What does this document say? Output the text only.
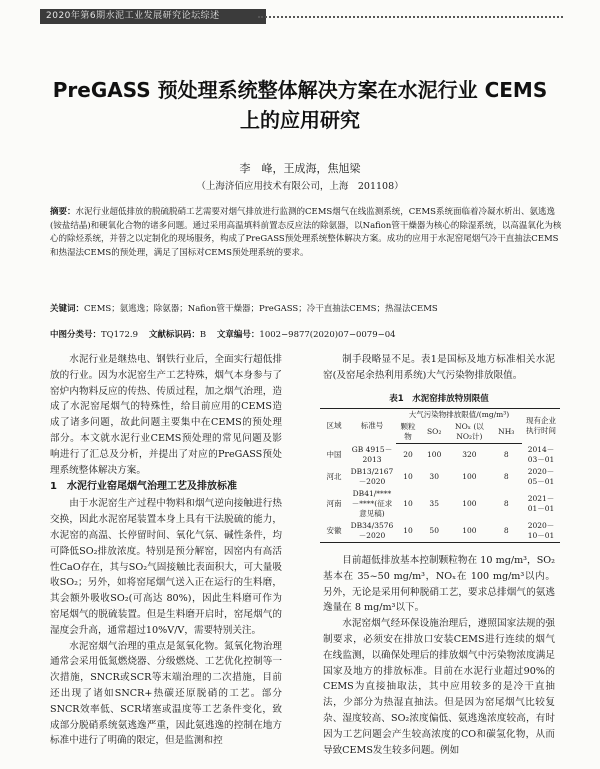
2020年第6期水泥工业发展研究论坛综述
PreGASS 预处理系统整体解决方案在水泥行业 CEMS
上的应用研究
李　峰，王成海，焦旭梁
（上海济佰应用技术有限公司，上海　201108）
摘要：水泥行业超低排放的脱硫脱硝工艺需要对烟气排放进行监测的CEMS烟气在线监测系统，CEMS系统面临着冷凝水析出、氨逃逸(铵盐结晶)和硬氧化合物的诸多问题。通过采用高温填料前置态反应法的除氨器，以Nafion管干燥器为核心的除湿系统，以高温氧化为核心的除烃系统，并替之以定制化的现场服务，构成了PreGASS预处理系统整体解决方案。成功的应用于水泥窑尾烟气冷干直抽法CEMS和热湿法CEMS的预处理，满足了国标对CEMS预处理系统的要求。
关键词：CEMS；氨逃逸；除氨器；Nafion管干燥器；PreGASS；冷干直抽法CEMS；热湿法CEMS
中图分类号：TQ172.9 文献标识码：B 文章编号：1002−9877(2020)07−0079−04

水泥行业是继热电、钢铁行业后，全面实行超低排放的行业。因为水泥窑生产工艺特殊，烟气本身参与了窑炉内物料反应的传热、传质过程，加之烟气治理，造成了水泥窑尾烟气的特殊性，给目前应用的CEMS造成了诸多问题，故此问题主要集中在CEMS的预处理部分。本文就水泥行业CEMS预处理的常见问题及影响进行了汇总及分析，并提出了对应的PreGASS预处理系统整体解决方案。

1　水泥行业窑尾烟气治理工艺及排放标准

由于水泥窑生产过程中物料和烟气逆向接触进行热交换，因此水泥窑尾装置本身上具有干法脱硫的能力，水泥窑的高温、长停留时间、氧化气氛、碱性条件，均可降低SO₂排放浓度。特别是预分解窑，因窑内有高活性CaO存在，其与SO₂气固接触比表面积大，可大量吸收SO₂；另外，如将窑尾烟气送入正在运行的生料磨，其会额外吸收SO₂(可高达 80%)，因此生料磨可作为窑尾烟气的脱硫装置。但是生料磨开启时，窑尾烟气的湿度会升高，通常超过10%V/V，需要特别关注。

水泥窑烟气治理的重点是氮氧化物。氮氧化物治理通常会采用低氮燃烧器、分级燃烧、工艺优化控制等一次措施，SNCR或SCR等末端治理的二次措施，目前还出现了诸如SNCR+热碳还原脱硝的工艺。部分SNCR效率低、SCR堵塞或温度等工艺条件变化，致成部分脱硝系统氨逃逸严重，因此氨逃逸的控制在地方标准中进行了明确的限定，但是监测和控

制手段略显不足。表1是国标及地方标准相关水泥窑(及窑尾余热利用系统)大气污染物排放限值。

表1　水泥窑排放特別限值
区域	标准号	大气污染物排放限值/(mg/m³)				现有企业执行时间
		颗粒物	SO₂	NOₓ (以NO₂计)	NH₃	
中国	GB 4915－2013	20	100	320	8	2014－03－01
河北	DB13/2167－2020	10	30	100	8	2020－05－01
河南	DB41/****－****(征求意见稿)	10	35	100	8	2021－01－01
安徽	DB34/3576－2020	10	50	100	8	2020－10－01

目前超低排放基本控制颗粒物在 10 mg/m³，SO₂基本在 35~50 mg/m³，NOₓ在 100 mg/m³以内。另外，无论是采用何种脱硝工艺，要求总排烟气的氨逃逸量在 8 mg/m³以下。

水泥窑烟气经环保设施治理后，遵照国家法规的强制要求，必须安在排放口安装CEMS进行连续的烟气在线监测，以确保处理后的排放烟气中污染物浓度满足国家及地方的排放标准。目前在水泥行业超过90%的CEMS为直接抽取法，其中应用较多的是冷干直抽法，少部分为热湿直抽法。但是因为窑尾烟气比较复杂、湿度较高、SO₂浓度偏低、氨逃逸浓度较高，有时因为工艺问题会产生较高浓度的CO和碳氢化物，从而导致CEMS发生较多问题。例如
